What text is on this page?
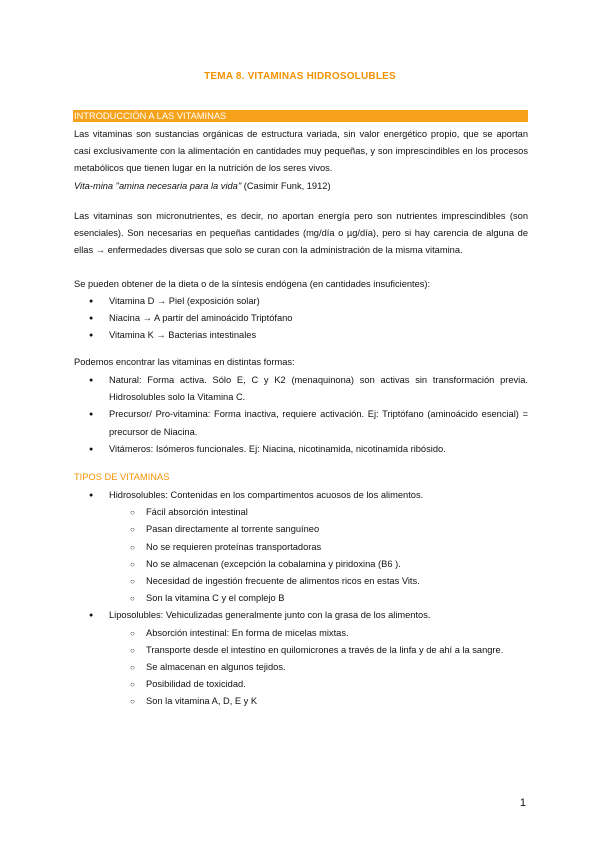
TEMA 8. VITAMINAS HIDROSOLUBLES
INTRODUCCIÓN A LAS VITAMINAS
Las vitaminas son sustancias orgánicas de estructura variada, sin valor energético propio, que se aportan casi exclusivamente con la alimentación en cantidades muy pequeñas, y son imprescindibles en los procesos metabólicos que tienen lugar en la nutrición de los seres vivos.
Vita-mina "amina necesaria para la vida" (Casimir Funk, 1912)
Las vitaminas son micronutrientes, es decir, no aportan energía pero son nutrientes imprescindibles (son esenciales). Son necesarias en pequeñas cantidades (mg/día o µg/día), pero si hay carencia de alguna de ellas → enfermedades diversas que solo se curan con la administración de la misma vitamina.
Se pueden obtener de la dieta o de la síntesis endógena (en cantidades insuficientes):
● Vitamina D → Piel (exposición solar)
● Niacina → A partir del aminoácido Triptófano
● Vitamina K → Bacterias intestinales
Podemos encontrar las vitaminas en distintas formas:
● Natural: Forma activa. Sólo E, C y K2 (menaquinona) son activas sin transformación previa. Hidrosolubles solo la Vitamina C.
● Precursor/ Pro-vitamina: Forma inactiva, requiere activación. Ej: Triptófano (aminoácido esencial) = precursor de Niacina.
● Vitámeros: Isómeros funcionales. Ej: Niacina, nicotinamida, nicotinamida ribósido.
TIPOS DE VITAMINAS
● Hidrosolubles: Contenidas en los compartimentos acuosos de los alimentos.
○ Fácil absorción intestinal
○ Pasan directamente al torrente sanguíneo
○ No se requieren proteínas transportadoras
○ No se almacenan (excepción la cobalamina y piridoxina (B6 ).
○ Necesidad de ingestión frecuente de alimentos ricos en estas Vits.
○ Son la vitamina C y el complejo B
● Liposolubles: Vehiculizadas generalmente junto con la grasa de los alimentos.
○ Absorción intestinal: En forma de micelas mixtas.
○ Transporte desde el intestino en quilomicrones a través de la linfa y de ahí a la sangre.
○ Se almacenan en algunos tejidos.
○ Posibilidad de toxicidad.
○ Son la vitamina A, D, E y K
1
